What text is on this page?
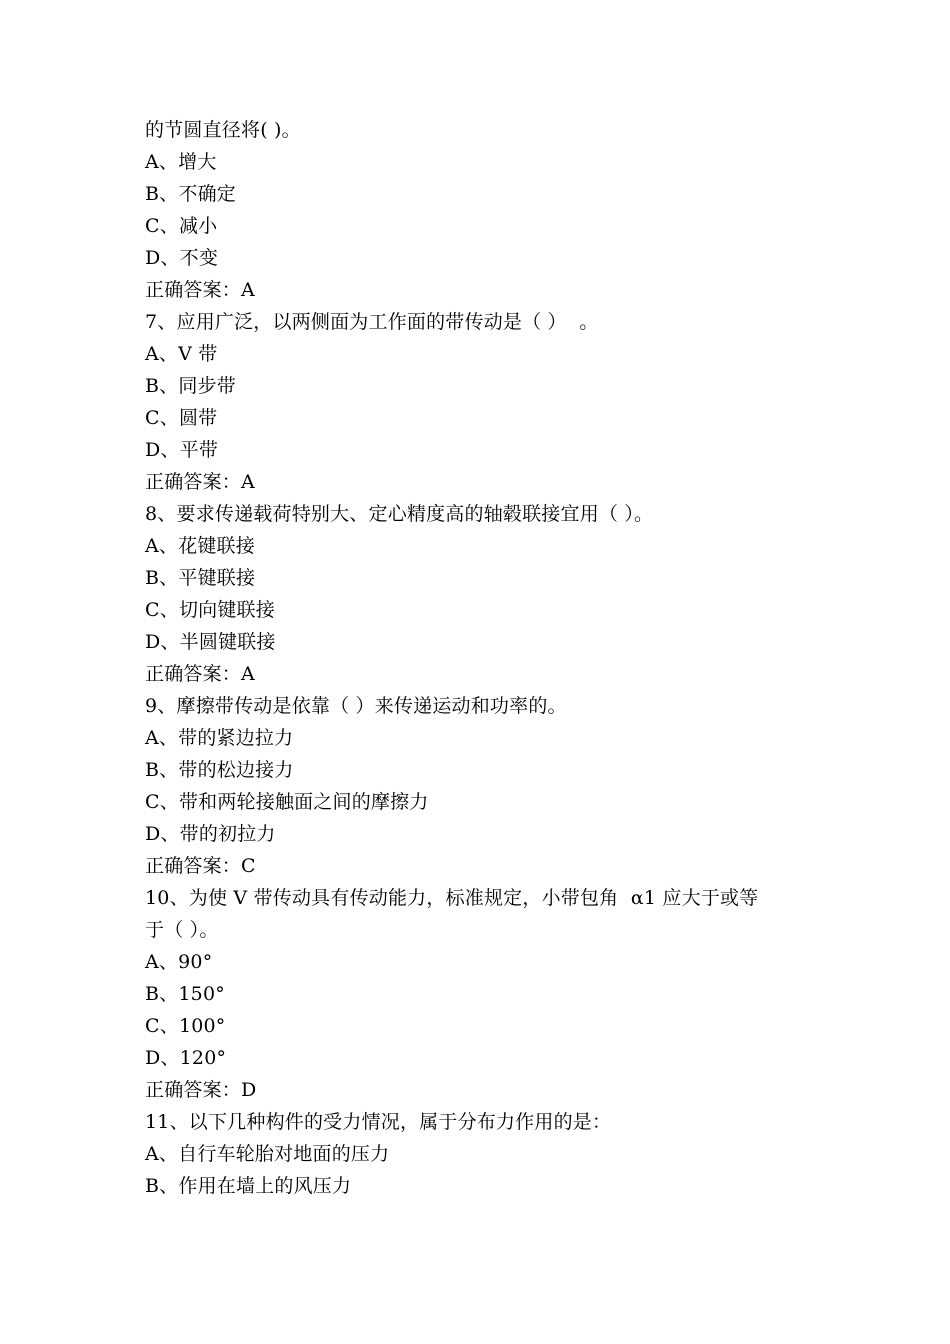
的节圆直径将( )。
A、增大
B、不确定
C、减小
D、不变
正确答案：A
7、应用广泛，以两侧面为工作面的带传动是（ ）  。
A、V 带
B、同步带
C、圆带
D、平带
正确答案：A
8、要求传递载荷特别大、定心精度高的轴毂联接宜用（ ）。
A、花键联接
B、平键联接
C、切向键联接
D、半圆键联接
正确答案：A
9、摩擦带传动是依靠（ ）来传递运动和功率的。
A、带的紧边拉力
B、带的松边接力
C、带和两轮接触面之间的摩擦力
D、带的初拉力
正确答案：C
10、为使 V 带传动具有传动能力，标准规定，小带包角  α1 应大于或等
于（ ）。
A、90°
B、150°
C、100°
D、120°
正确答案：D
11、以下几种构件的受力情况，属于分布力作用的是：
A、自行车轮胎对地面的压力
B、作用在墙上的风压力
